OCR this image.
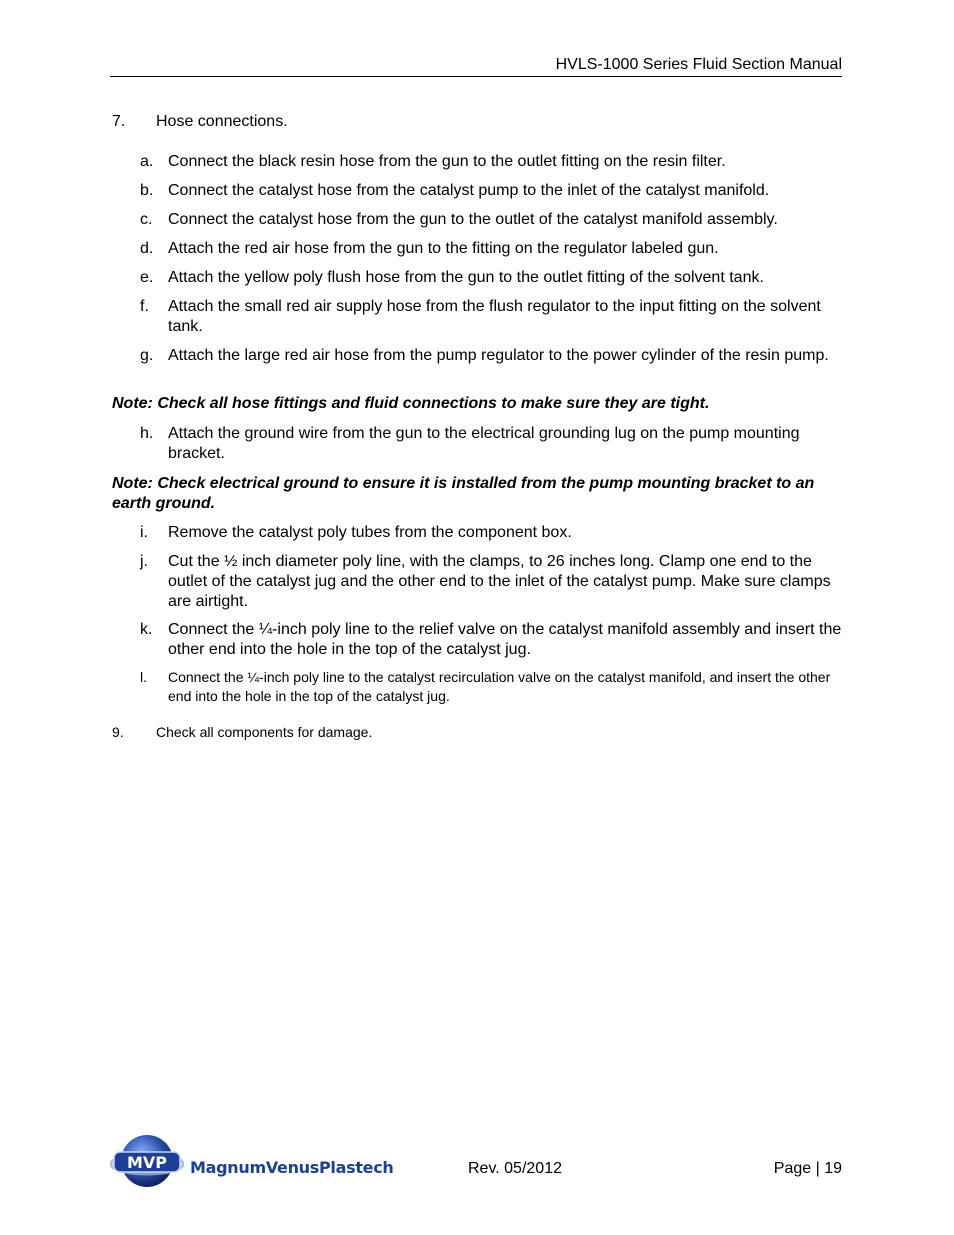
HVLS-1000 Series Fluid Section Manual
7. Hose connections.
a. Connect the black resin hose from the gun to the outlet fitting on the resin filter.
b. Connect the catalyst hose from the catalyst pump to the inlet of the catalyst manifold.
c. Connect the catalyst hose from the gun to the outlet of the catalyst manifold assembly.
d. Attach the red air hose from the gun to the fitting on the regulator labeled gun.
e. Attach the yellow poly flush hose from the gun to the outlet fitting of the solvent tank.
f. Attach the small red air supply hose from the flush regulator to the input fitting on the solvent tank.
g. Attach the large red air hose from the pump regulator to the power cylinder of the resin pump.
Note: Check all hose fittings and fluid connections to make sure they are tight.
h. Attach the ground wire from the gun to the electrical grounding lug on the pump mounting bracket.
Note: Check electrical ground to ensure it is installed from the pump mounting bracket to an earth ground.
i. Remove the catalyst poly tubes from the component box.
j. Cut the ½ inch diameter poly line, with the clamps, to 26 inches long. Clamp one end to the outlet of the catalyst jug and the other end to the inlet of the catalyst pump. Make sure clamps are airtight.
k. Connect the ¼-inch poly line to the relief valve on the catalyst manifold assembly and insert the other end into the hole in the top of the catalyst jug.
l. Connect the ¼-inch poly line to the catalyst recirculation valve on the catalyst manifold, and insert the other end into the hole in the top of the catalyst jug.
9. Check all components for damage.
MVP MagnumVenusPlastech	Rev. 05/2012	Page | 19
